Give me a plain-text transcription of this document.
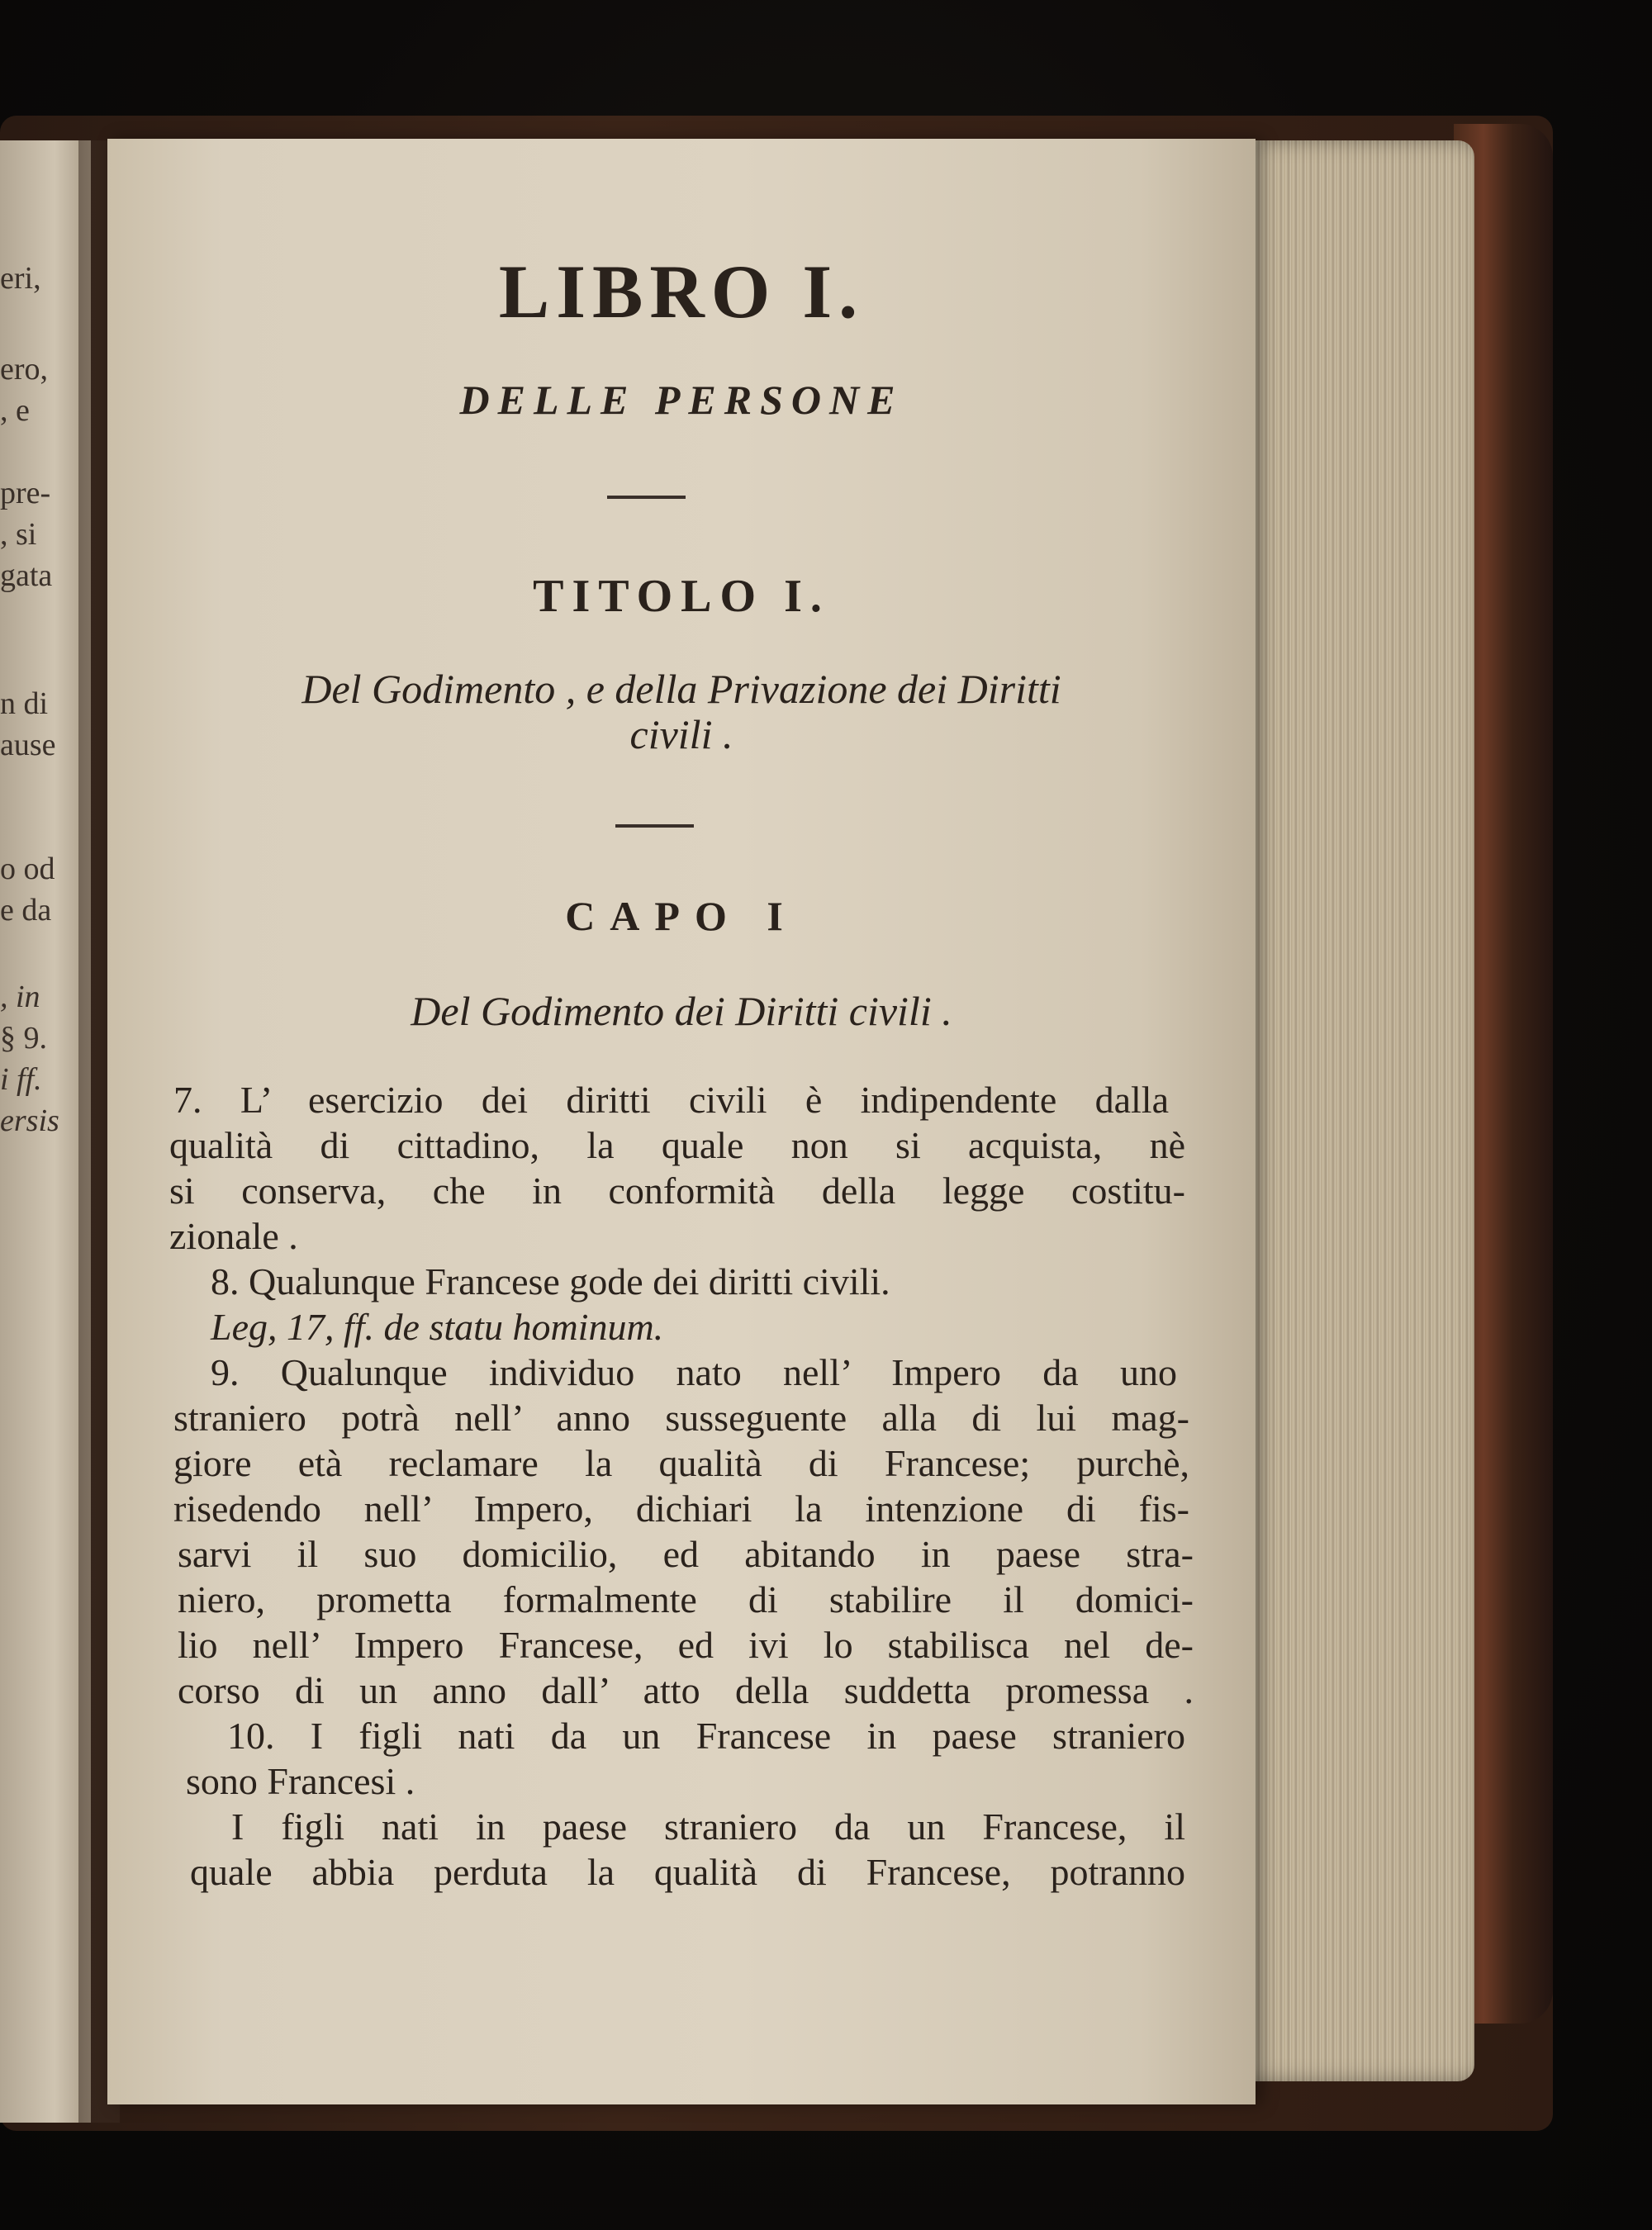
eri,
ero,
, e
pre-
, si
gata
n di
ause
o od
e da
, in
§ 9.
i ff.
ersis
LIBRO I.
DELLE PERSONE
TITOLO I.
Del Godimento , e della Privazione dei Diritti
civili .
CAPO I
Del Godimento dei Diritti civili .
7. L’ esercizio dei diritti civili è indipendente dalla
qualità di cittadino, la quale non si acquista, nè
si conserva, che in conformità della legge costitu-
zionale .
8. Qualunque Francese gode dei diritti civili.
Leg, 17, ff. de statu hominum.
9. Qualunque individuo nato nell’ Impero da uno
straniero potrà nell’ anno susseguente alla di lui mag-
giore età reclamare la qualità di Francese; purchè,
risedendo nell’ Impero, dichiari la intenzione di fis-
sarvi il suo domicilio, ed abitando in paese stra-
niero, prometta formalmente di stabilire il domici-
lio nell’ Impero Francese, ed ivi lo stabilisca nel de-
corso di un anno dall’ atto della suddetta promessa .
10. I figli nati da un Francese in paese straniero
sono Francesi .
I figli nati in paese straniero da un Francese, il
quale abbia perduta la qualità di Francese, potranno
